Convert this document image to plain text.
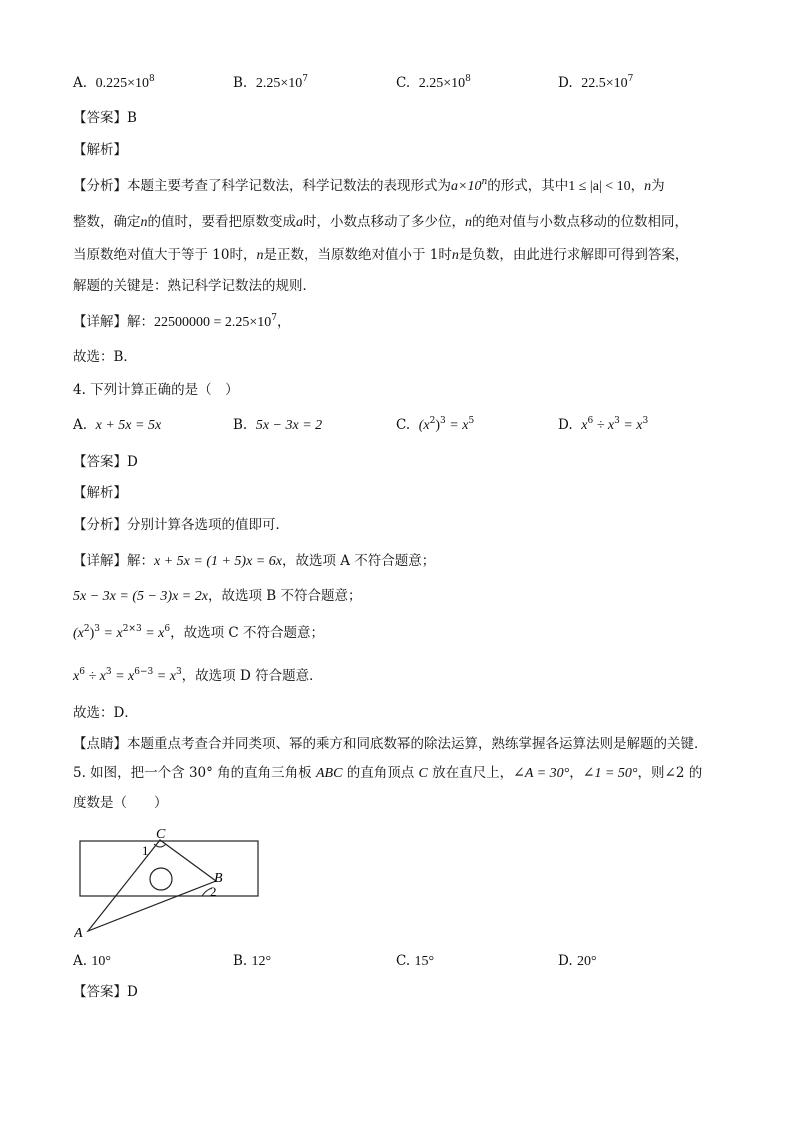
A. $0.225\times 10^8$	B. $2.25\times 10^7$	C. $2.25\times 10^8$	D. $22.5\times 10^7$
【答案】B
【解析】
【分析】本题主要考查了科学记数法，科学记数法的表现形式为$a\times 10^n$的形式，其中1 ≤ |a| < 10，n为
整数，确定n的值时，要看把原数变成a时，小数点移动了多少位，n的绝对值与小数点移动的位数相同，
当原数绝对值大于等于 10时，n是正数，当原数绝对值小于 1时n是负数，由此进行求解即可得到答案，
解题的关键是：熟记科学记数法的规则．
【详解】解：$22500000 = 2.25\times 10^7$，
故选：B．
4. 下列计算正确的是（　）
A. x + 5x = 5x	B. 5x − 3x = 2	C. $(x^2)^3 = x^5$	D. $x^6 \div x^3 = x^3$
【答案】D
【解析】
【分析】分别计算各选项的值即可．
【详解】解：x + 5x = (1 + 5)x = 6x，故选项 A 不符合题意；
5x − 3x = (5 − 3)x = 2x，故选项 B 不符合题意；
$(x^2)^3 = x^{2\times 3} = x^6$，故选项 C 不符合题意；
$x^6 \div x^3 = x^{6-3} = x^3$，故选项 D 符合题意．
故选：D．
【点睛】本题重点考查合并同类项、幂的乘方和同底数幂的除法运算，熟练掌握各运算法则是解题的关键．
5. 如图，把一个含 30° 角的直角三角板 ABC 的直角顶点 C 放在直尺上，∠A = 30°，∠1 = 50°，则∠2 的
度数是（　　）
C
B
A
1
2
A. 10°	B. 12°	C. 15°	D. 20°
【答案】D
